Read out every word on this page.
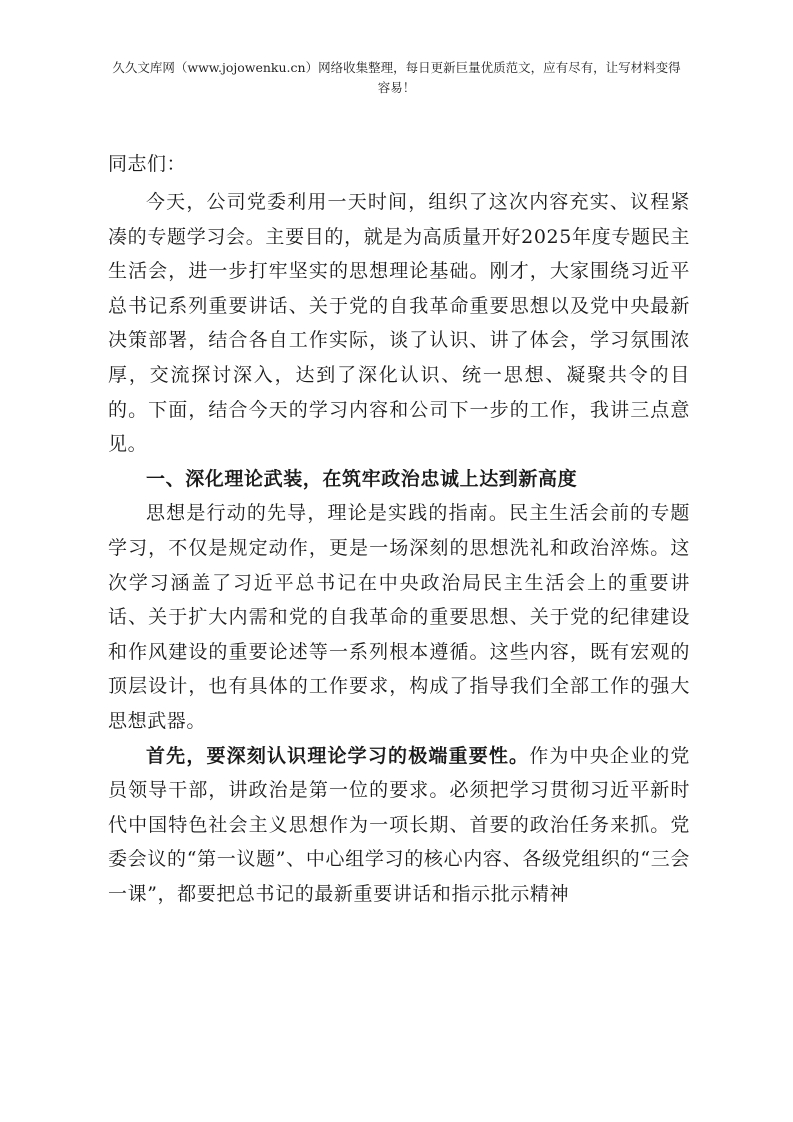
久久文库网（www.jojowenku.cn）网络收集整理，每日更新巨量优质范文，应有尽有，让写材料变得
容易！
同志们：

今天，公司党委利用一天时间，组织了这次内容充实、议程紧凑的专题学习会。主要目的，就是为高质量开好2025年度专题民主生活会，进一步打牢坚实的思想理论基础。刚才，大家围绕习近平总书记系列重要讲话、关于党的自我革命重要思想以及党中央最新决策部署，结合各自工作实际，谈了认识、讲了体会，学习氛围浓厚，交流探讨深入，达到了深化认识、统一思想、凝聚共令的目的。下面，结合今天的学习内容和公司下一步的工作，我讲三点意见。

一、深化理论武装，在筑牢政治忠诚上达到新高度

思想是行动的先导，理论是实践的指南。民主生活会前的专题学习，不仅是规定动作，更是一场深刻的思想洗礼和政治淬炼。这次学习涵盖了习近平总书记在中央政治局民主生活会上的重要讲话、关于扩大内需和党的自我革命的重要思想、关于党的纪律建设和作风建设的重要论述等一系列根本遵循。这些内容，既有宏观的顶层设计，也有具体的工作要求，构成了指导我们全部工作的强大思想武器。

首先，要深刻认识理论学习的极端重要性。作为中央企业的党员领导干部，讲政治是第一位的要求。必须把学习贯彻习近平新时代中国特色社会主义思想作为一项长期、首要的政治任务来抓。党委会议的“第一议题”、中心组学习的核心内容、各级党组织的“三会一课”，都要把总书记的最新重要讲话和指示批示精神
